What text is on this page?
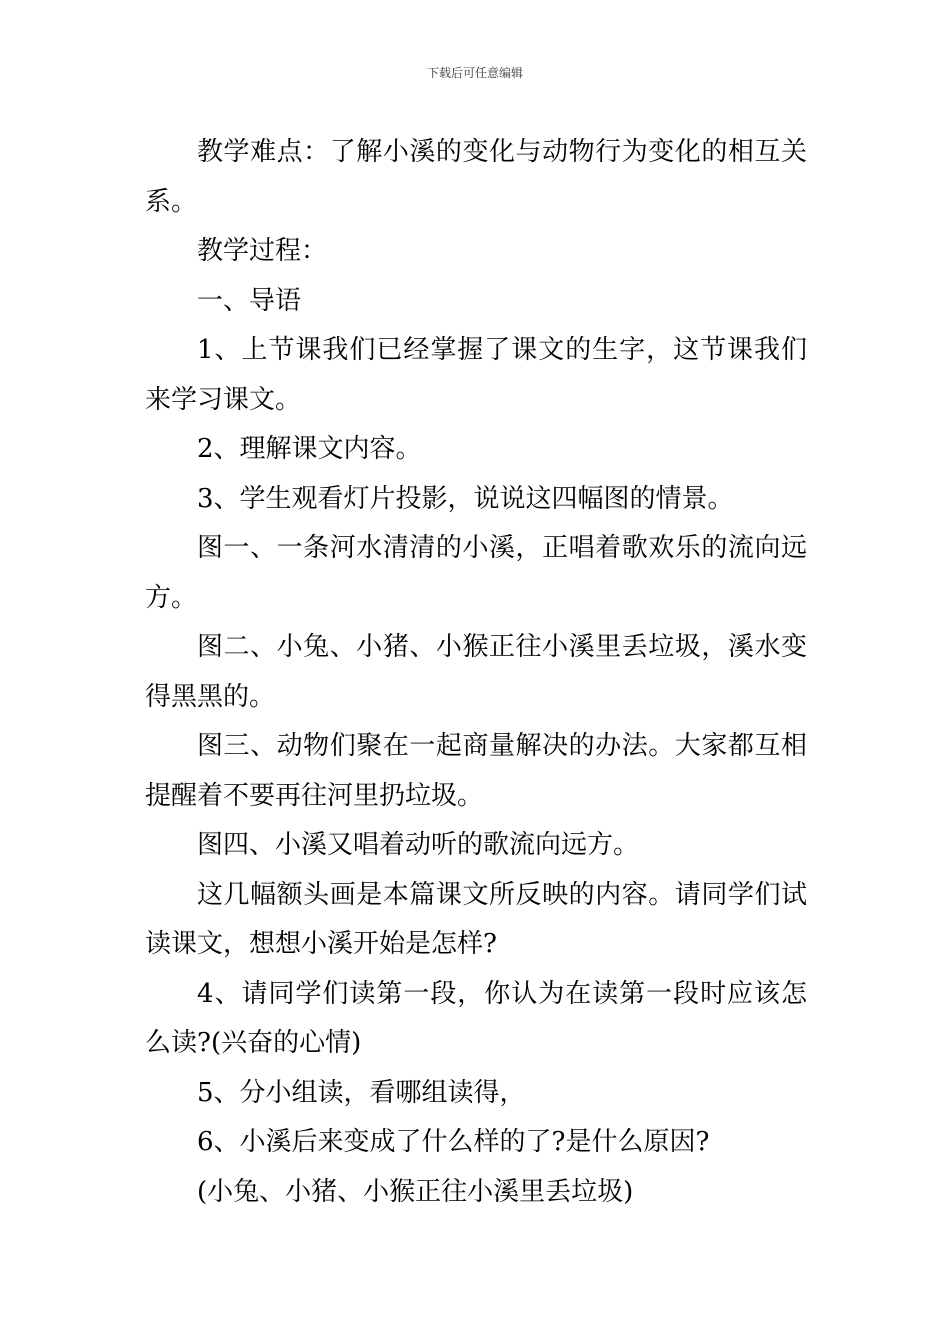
下载后可任意编辑

教学难点：了解小溪的变化与动物行为变化的相互关系。

教学过程：

一、导语

1、上节课我们已经掌握了课文的生字，这节课我们来学习课文。

2、理解课文内容。

3、学生观看灯片投影，说说这四幅图的情景。

图一、一条河水清清的小溪，正唱着歌欢乐的流向远方。

图二、小兔、小猪、小猴正往小溪里丢垃圾，溪水变得黑黑的。

图三、动物们聚在一起商量解决的办法。大家都互相提醒着不要再往河里扔垃圾。

图四、小溪又唱着动听的歌流向远方。

这几幅额头画是本篇课文所反映的内容。请同学们试读课文，想想小溪开始是怎样?

4、请同学们读第一段，你认为在读第一段时应该怎么读?(兴奋的心情)

5、分小组读，看哪组读得，

6、小溪后来变成了什么样的了?是什么原因?

(小兔、小猪、小猴正往小溪里丢垃圾)
